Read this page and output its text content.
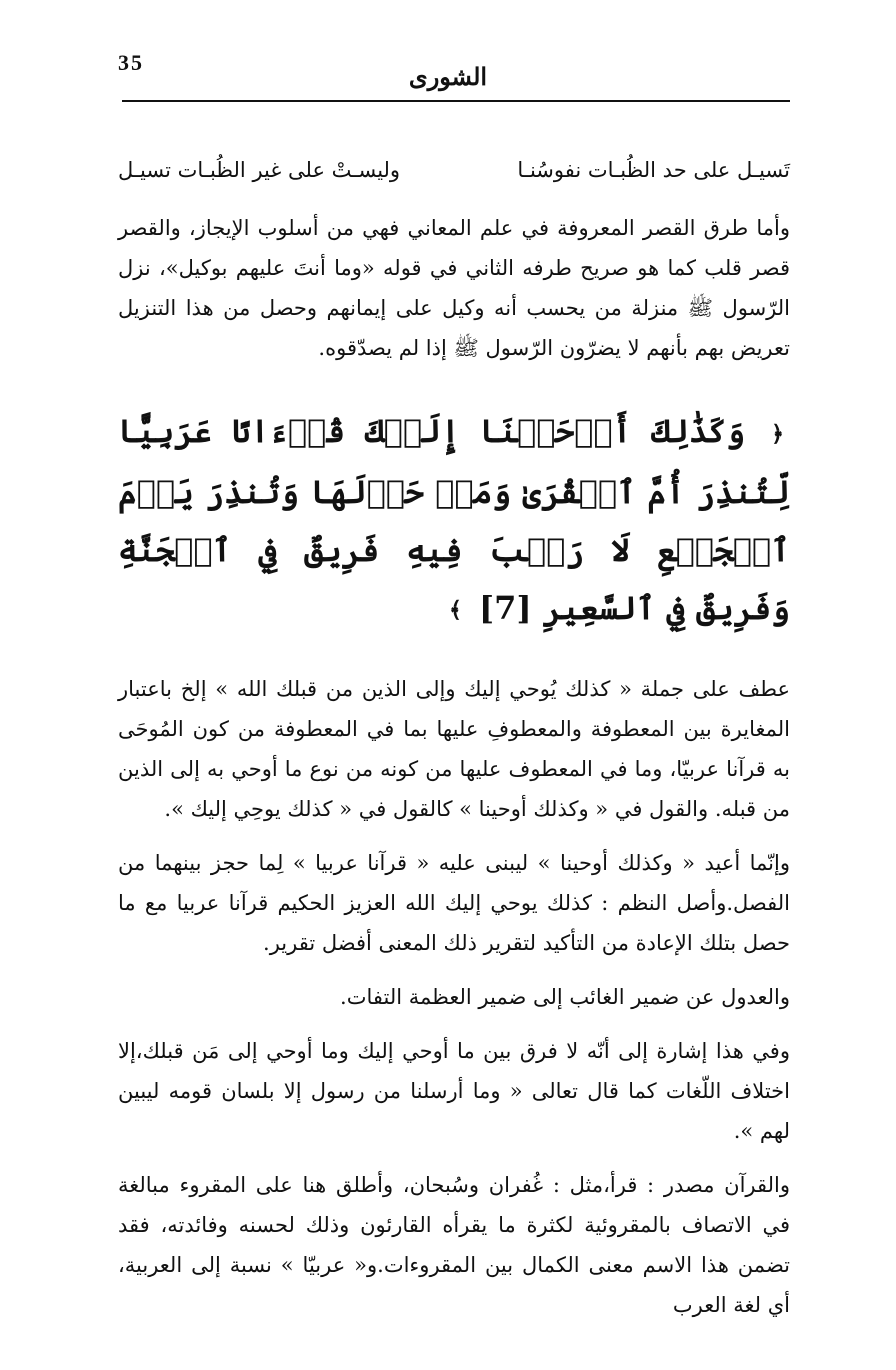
35	الشورى
تَسيـل على حد الظُبـات نفوسُنـا
وليسـتْ على غير الظُبـات تسيـل

وأما طرق القصر المعروفة في علم المعاني فهي من أسلوب الإيجاز، والقصر قصر قلب كما هو صريح طرفه الثاني في قوله «وما أنتَ عليهم بوكيل»، نزل الرّسول ﷺ منزلة من يحسب أنه وكيل على إيمانهم وحصل من هذا التنزيل تعريض بهم بأنهم لا يضرّون الرّسول ﷺ إذا لم يصدّقوه.

﴿ وَكَذَٰلِكَ أَوۡحَيۡنَا إِلَيۡكَ قُرۡءَانًا عَرَبِيًّا لِّتُنذِرَ أُمَّ ٱلۡقُرَىٰ وَمَنۡ حَوۡلَهَا وَتُنذِرَ يَوۡمَ ٱلۡجَمۡعِ لَا رَيۡبَ فِيهِ فَرِيقٌ فِي ٱلۡجَنَّةِ وَفَرِيقٌ فِي ٱلسَّعِيرِ [7] ﴾

عطف على جملة « كذلك يُوحي إليك وإلى الذين من قبلك الله » إلخ باعتبار المغايرة بين المعطوفة والمعطوفِ عليها بما في المعطوفة من كون المُوحَى به قرآنا عربيّا، وما في المعطوف عليها من كونه من نوع ما أوحي به إلى الذين من قبله. والقول في « وكذلك أوحينا » كالقول في « كذلك يوحِي إليك ».

وإنّما أعيد « وكذلك أوحينا » ليبنى عليه « قرآنا عربيا » لِما حجز بينهما من الفصل.وأصل النظم : كذلك يوحي إليك الله العزيز الحكيم قرآنا عربيا مع ما حصل بتلك الإعادة من التأكيد لتقرير ذلك المعنى أفضل تقرير.

والعدول عن ضمير الغائب إلى ضمير العظمة التفات.

وفي هذا إشارة إلى أنّه لا فرق بين ما أوحي إليك وما أوحي إلى مَن قبلك،إلا اختلاف اللّغات كما قال تعالى « وما أرسلنا من رسول إلا بلسان قومه ليبين لهم ».

والقرآن مصدر : قرأ،مثل : غُفران وسُبحان، وأطلق هنا على المقروء مبالغة في الاتصاف بالمقروئية لكثرة ما يقرأه القارئون وذلك لحسنه وفائدته، فقد تضمن هذا الاسم معنى الكمال بين المقروءات.و« عربيّا » نسبة إلى العربية، أي لغة العرب
